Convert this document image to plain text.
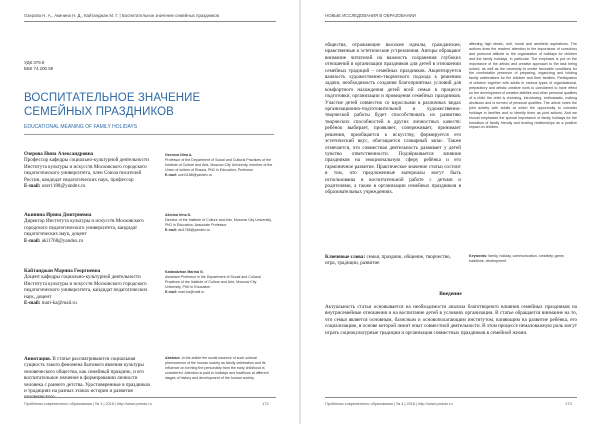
Озерова Н. А., Акинина Н. Д., Кайтанджан М. Г. | Воспитательное значение семейных праздников
УДК 379.8
ББК 74.200.58
ВОСПИТАТЕЛЬНОЕ ЗНАЧЕНИЕ
СЕМЕЙНЫХ ПРАЗДНИКОВ
EDUCATIONAL MEANING OF FAMILY HOLIDAYS
Озерова Нина Александровна
Профессор кафедры социально-культурной деятельности Института культуры и искусств Московского городского педагогического университета, член Союза писателей России, кандидат педагогических наук, профессор
E-mail: ozer1188@yandex.ru
Акинина Ирина Дмитриевна
Директор Института культуры и искусств Московского городского педагогического университета, кандидат педагогических наук, доцент
E-mail: aki1768@yandex.ru
Кайтанджан Марина Георгиевна
Доцент кафедры социально-культурной деятельности Института культуры и искусств Московского городского педагогического университета, кандидат педагогических наук, доцент
E-mail: mari-ka@mail.ru
Ozerova Nina A.
Professor of the Department of Social and Cultural Practices of the Institute of Culture and Arts, Moscow City University, member of the Union of writers of Russia, PhD in Education, Professor
E-mail: ozer1188@yandex.ru
Akinina Irina D.
Director of the Institute of Culture and Arts, Moscow City University, PhD in Education, Associate Professor
E-mail: aki1768@yandex.ru
Kaitandzhan Marina G.
Assistant Professor in the Department of Social and Cultural Practices of the Institute of Culture and Arts, Moscow City University, PhD in Education
E-mail: mari-ka@mail.ru
Аннотация. В статье рассматриваются социальная сущность такого феномена бытового явления культуры человеческого общества, как семейный праздник, и его воспитательное значение в формировании личности человека с раннего детства. Удостоверенные в праздниках и традициях на разных этапах истории и развития человеческого
Abstract. In the article the social essence of such cultural phenomenon of the human society as family celebration and its influence on forming the personality from the early childhood is considered. Attention is paid to holidays and traditions at different stages of history and development of the human society.
Проблемы современного образования | № 4 | 2018 | http://www.pmedu.ru	172
НОВЫЕ ИССЛЕДОВАНИЯ В ОБРАЗОВАНИИ
общества, отражающие высокие идеалы, гражданские, нравственные и эстетические устремления. Авторы обращают внимание читателей на важность сохранения глубоких отношений в организации праздников для детей в отношении семейных традиций – семейных праздников. Акцентируется важность художественно-творческого подхода к решению задачи, необходимость создания благоприятных условий для комфортного нахождения детей всей семьи в процессе подготовки, организации и проведения семейных праздников. Участие детей совместно со взрослыми в различных видах организационно-подготовительной и художественно-творческой работы будет способствовать их развитию творческих способностей в других личностных качеств: ребёнок выбирает, проявляет, сопереживает, принимает решения, приобщается к искусству, формируется его эстетический вкус, обогащается словарный запас. Также отмечается, что совместная деятельность развивает у детей чувство ответственности. Подчёркивается влияние праздников на эмоциональную сферу ребёнка и его гармоничное развитие. Практическое значение статьи состоит в том, что предложенные материалы могут быть использованы в воспитательной работе с детьми и родителями, а также в организации семейных праздников в образовательных учреждениях.
affecting high ideals, civil, moral and aesthetic aspirations. The authors draw the readers' attention to the importance of conscious and profound attitude to the organization of holidays for children and the family holidays, in particular. The emphasis is put on the importance of the artistic and creative approach to the task being solved, as well as the necessity to create favorable conditions for the comfortable presence of preparing, organizing and holding family celebrations for the children and their families. Participation of children together with adults in various types of organizational, preparatory and artistic creative work is considered to have effect on the development of creative abilities and other personal qualities of a child: the child is choosing, introducing, enthusiastic, making decisions and is formed of personal qualities. The article notes the joint activity with adults at which the opportunity to consider holidays in families and to identify them as joint actions. And we should emphasize the special importance of family holidays for the formation of family friendly and trusting relationships as a positive impact on children.
Ключевые слова: семья, праздник, общение, творчество, игра, традиции, развитие
Keywords: family, holiday, communication, creativity, game, traditions, development
Введение
Актуальность статьи основывается на необходимости анализа благотворного влияния семейных праздников на внутрисемейные отношения и на воспитание детей в условиях организации. В статье обращается внимание на то, что семья является основным, базисным и основополагающим институтом, влияющим на развитие ребёнка, его социализацию, в основе которой лежит опыт совместной деятельности. В этом процессе немаловажную роль могут играть социокультурные традиции и организация совместных праздников в семейной жизни.
Проблемы современного образования | № 4 | 2018 | http://www.pmedu.ru	173
